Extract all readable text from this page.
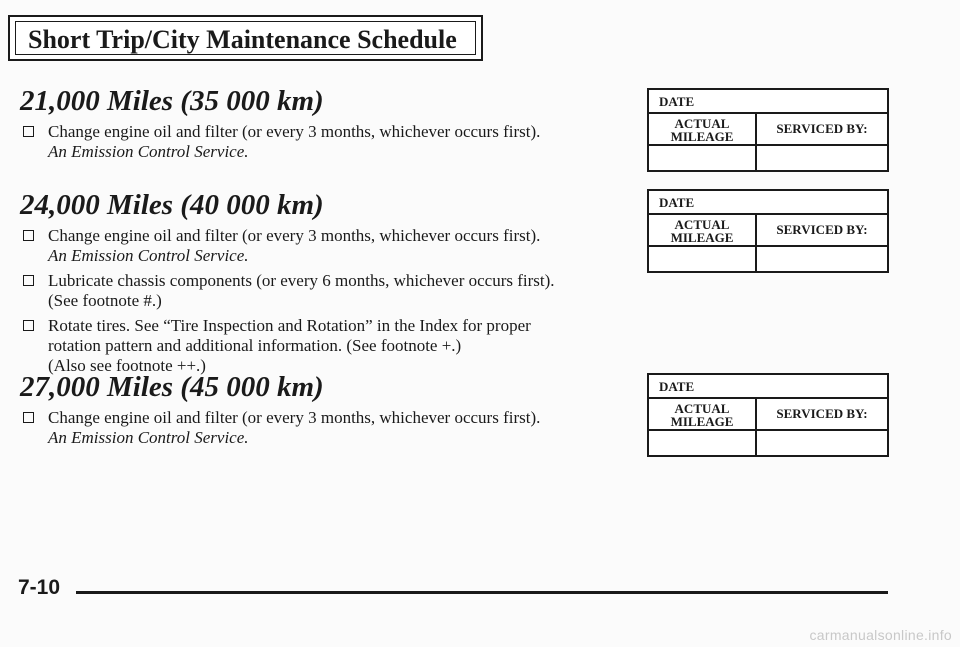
Short Trip/City Maintenance Schedule
21,000 Miles (35 000 km)
Change engine oil and filter (or every 3 months, whichever occurs first).
An Emission Control Service.
24,000 Miles (40 000 km)
Change engine oil and filter (or every 3 months, whichever occurs first).
An Emission Control Service.
Lubricate chassis components (or every 6 months, whichever occurs first).
(See footnote #.)
Rotate tires. See “Tire Inspection and Rotation” in the Index for proper
rotation pattern and additional information. (See footnote +.)
(Also see footnote ++.)
27,000 Miles (45 000 km)
Change engine oil and filter (or every 3 months, whichever occurs first).
An Emission Control Service.
DATE
ACTUAL
MILEAGE
SERVICED BY:
DATE
ACTUAL
MILEAGE
SERVICED BY:
DATE
ACTUAL
MILEAGE
SERVICED BY:
7-10
carmanualsonline.info
